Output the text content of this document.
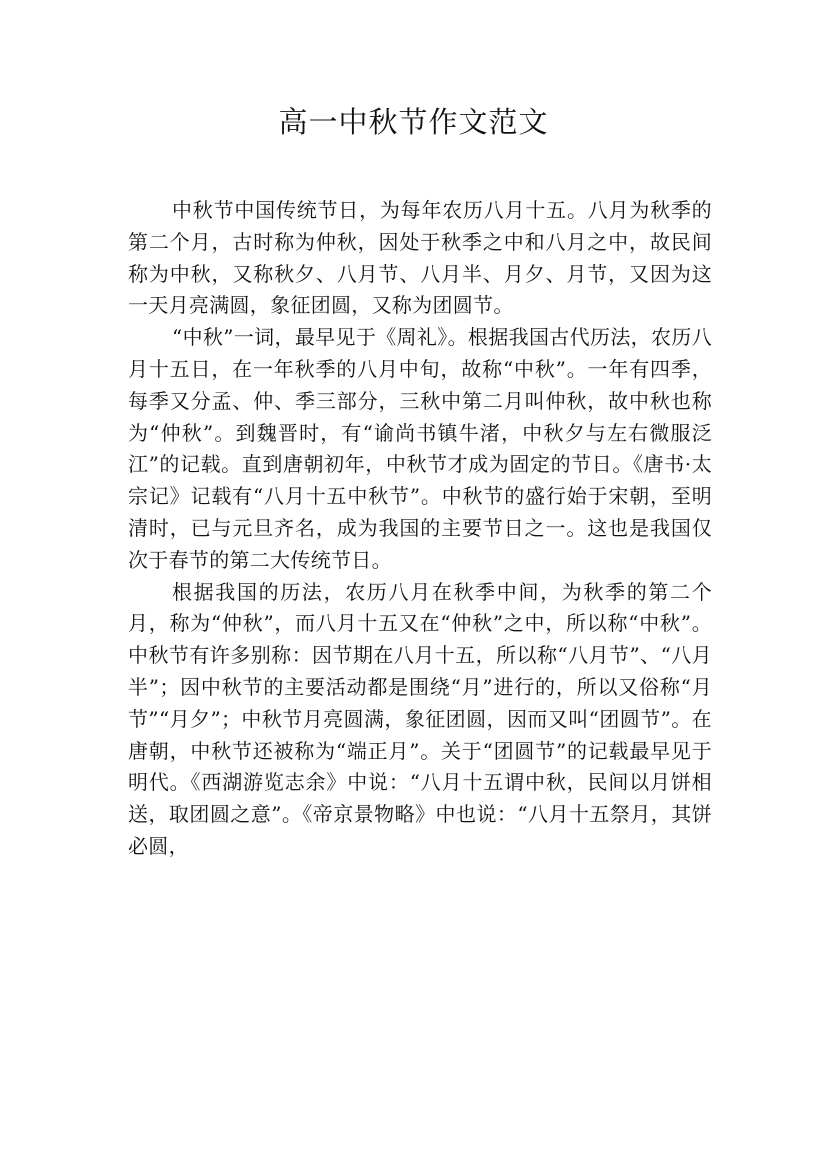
高一中秋节作文范文

中秋节中国传统节日，为每年农历八月十五。八月为秋季的第二个月，古时称为仲秋，因处于秋季之中和八月之中，故民间称为中秋，又称秋夕、八月节、八月半、月夕、月节，又因为这一天月亮满圆，象征团圆，又称为团圆节。

“中秋”一词，最早见于《周礼》。根据我国古代历法，农历八月十五日，在一年秋季的八月中旬，故称“中秋”。一年有四季，每季又分孟、仲、季三部分，三秋中第二月叫仲秋，故中秋也称为“仲秋”。到魏晋时，有“谕尚书镇牛渚，中秋夕与左右微服泛江”的记载。直到唐朝初年，中秋节才成为固定的节日。《唐书·太宗记》记载有“八月十五中秋节”。中秋节的盛行始于宋朝，至明清时，已与元旦齐名，成为我国的主要节日之一。这也是我国仅次于春节的第二大传统节日。

根据我国的历法，农历八月在秋季中间，为秋季的第二个月，称为“仲秋”，而八月十五又在“仲秋”之中，所以称“中秋”。中秋节有许多别称：因节期在八月十五，所以称“八月节”、“八月半”；因中秋节的主要活动都是围绕“月”进行的，所以又俗称“月节”“月夕”；中秋节月亮圆满，象征团圆，因而又叫“团圆节”。在唐朝，中秋节还被称为“端正月”。关于“团圆节”的记载最早见于明代。《西湖游览志余》中说：“八月十五谓中秋，民间以月饼相送，取团圆之意”。《帝京景物略》中也说：“八月十五祭月，其饼必圆，
